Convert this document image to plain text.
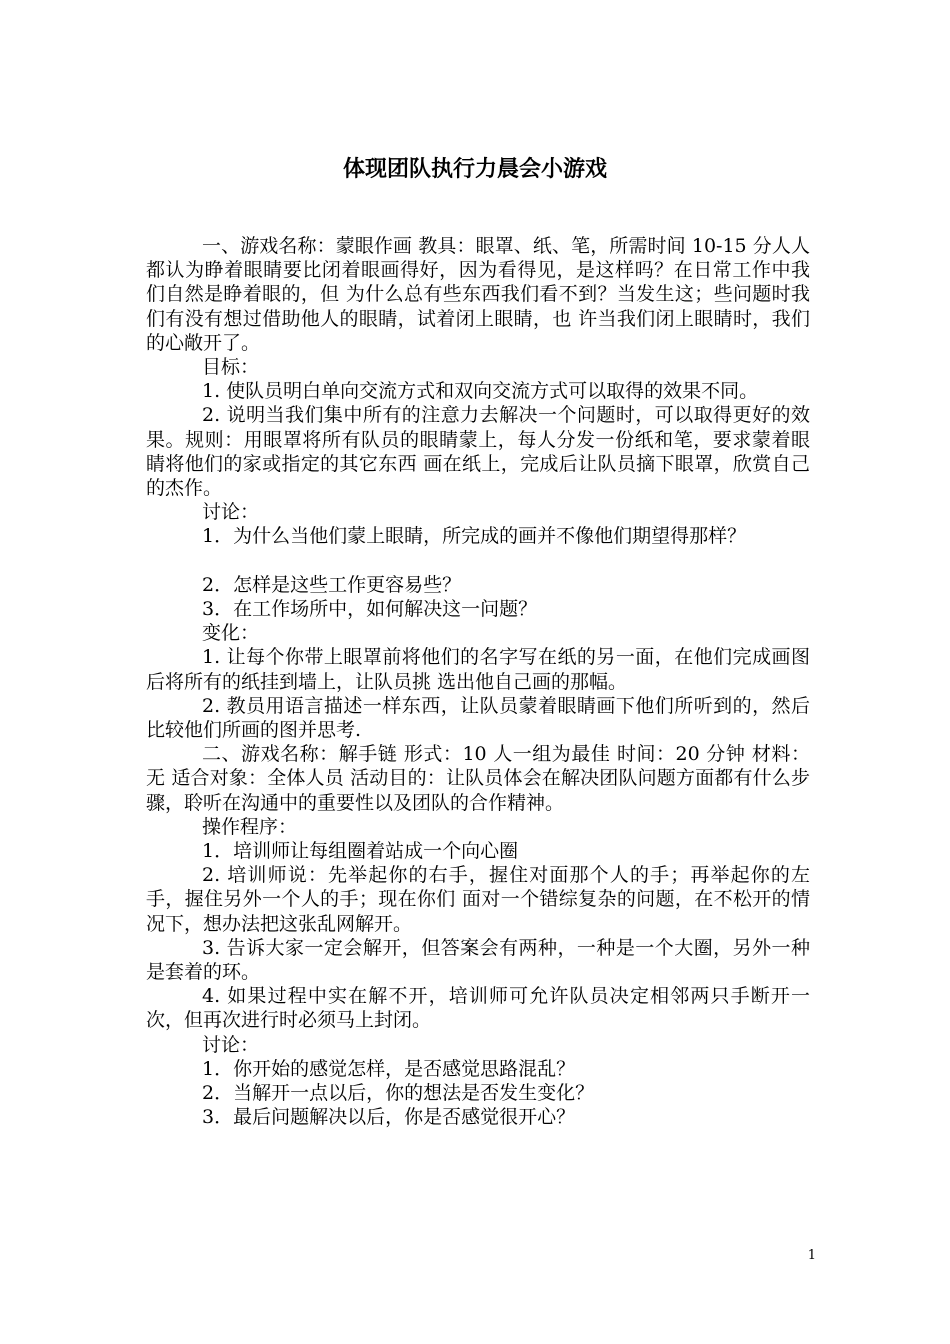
体现团队执行力晨会小游戏

一、游戏名称：蒙眼作画 教具：眼罩、纸、笔，所需时间 10-15 分人人都认为睁着眼睛要比闭着眼画得好，因为看得见，是这样吗？在日常工作中我们自然是睁着眼的，但 为什么总有些东西我们看不到？当发生这；些问题时我们有没有想过借助他人的眼睛，试着闭上眼睛，也 许当我们闭上眼睛时，我们的心敞开了。

目标：

1. 使队员明白单向交流方式和双向交流方式可以取得的效果不同。

2. 说明当我们集中所有的注意力去解决一个问题时，可以取得更好的效果。规则：用眼罩将所有队员的眼睛蒙上，每人分发一份纸和笔，要求蒙着眼睛将他们的家或指定的其它东西 画在纸上，完成后让队员摘下眼罩，欣赏自己的杰作。

讨论：

1．为什么当他们蒙上眼睛，所完成的画并不像他们期望得那样？

2．怎样是这些工作更容易些？

3．在工作场所中，如何解决这一问题？

变化：

1. 让每个你带上眼罩前将他们的名字写在纸的另一面，在他们完成画图后将所有的纸挂到墙上，让队员挑 选出他自己画的那幅。

2. 教员用语言描述一样东西，让队员蒙着眼睛画下他们所听到的，然后比较他们所画的图并思考.

二、游戏名称：解手链 形式：10 人一组为最佳 时间：20 分钟 材料：无 适合对象：全体人员 活动目的：让队员体会在解决团队问题方面都有什么步骤，聆听在沟通中的重要性以及团队的合作精神。

操作程序：

1．培训师让每组圈着站成一个向心圈

2. 培训师说：先举起你的右手，握住对面那个人的手；再举起你的左手，握住另外一个人的手；现在你们 面对一个错综复杂的问题，在不松开的情况下，想办法把这张乱网解开。

3. 告诉大家一定会解开，但答案会有两种，一种是一个大圈，另外一种是套着的环。

4. 如果过程中实在解不开，培训师可允许队员决定相邻两只手断开一次，但再次进行时必须马上封闭。

讨论：

1．你开始的感觉怎样，是否感觉思路混乱？

2．当解开一点以后，你的想法是否发生变化？

3．最后问题解决以后，你是否感觉很开心？

1
